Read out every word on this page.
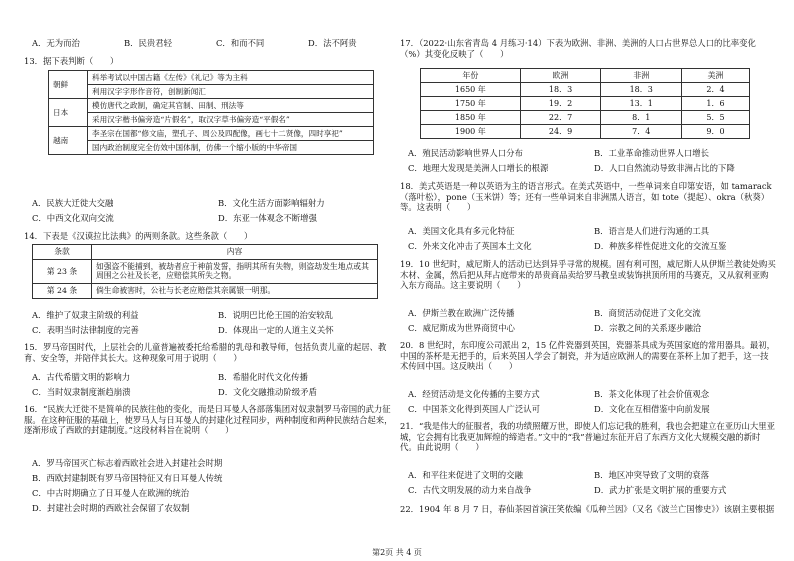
A．无为而治	B．民贵君轻	C．和而不同	D．法不阿贵
13．据下表判断（　　）
朝鲜	科举考试以中国古籍《左传》《礼记》等为主科
	利用汉字字形作音符，创制新闻汇
日本	模仿唐代之政制，确定其官制、田制、刑法等
	采用汉字楷书偏旁造“片假名”，取汉字草书偏旁造“平假名”
越南	李圣宗在国都“修文庙，塑孔子、周公及四配像，画七十二贤像，四时享祀”
	国内政治制度完全仿效中国体制，仿佛一个缩小版的中华帝国
A．民族大迁徙大交融	B．文化生活方面影响辐射力
C．中西文化双向交流	D．东亚一体观念不断增强
14．下表是《汉谟拉比法典》的两则条款。这些条款（　　）
条款	内容
第 23 条	如强盗不能捕到，被劫者应于神前发誓，指明其所有失物，则盗劫发生地点或其周围之公社及长老，应赔偿其所失之物。
第 24 条	倘生命被害时，公社与长老应赔偿其亲属银一明那。
A．维护了奴隶主阶级的利益	B．说明巴比伦王国的治安较乱
C．表明当时法律制度的完善	D．体现出一定的人道主义关怀
15．罗马帝国时代，上层社会的儿童普遍被委托给希腊的乳母和教导师，包括负责儿童的起居、教育、安全等，并陪伴其长大。这种现象可用于说明（　　）
A．古代希腊文明的影响力	B．希腊化时代文化传播
C．当时奴隶制度渐趋崩溃	D．文化交融推动阶级矛盾
16．“民族大迁徙不是简单的民族往他的变化，而是日耳曼人各部落集团对奴隶制罗马帝国的武力征服。在这种征服的基础上，使罗马人与日耳曼人的封建化过程同步，两种制度和两种民族结合起来，逐渐形成了西欧的封建制度。”这段材料旨在说明（　　）
A．罗马帝国灭亡标志着西欧社会进入封建社会时期
B．西欧封建制既有罗马帝国特征又有日耳曼人传统
C．中古时期确立了日耳曼人在欧洲的统治
D．封建社会时期的西欧社会保留了农奴制
17．（2022·山东省青岛 4 月练习·14）下表为欧洲、非洲、美洲的人口占世界总人口的比率变化（%）其变化反映了（　　）
年份	欧洲	非洲	美洲
1650 年	18．3	18．3	2．4
1750 年	19．2	13．1	1．6
1850 年	22．7	8．1	5．5
1900 年	24．9	7．4	9．0
A．殖民活动影响世界人口分布	B．工业革命推动世界人口增长
C．地理大发现是美洲人口增长的根源	D．人口自然流动导致非洲占比的下降
18．美式英语是一种以英语为主的语言形式。在美式英语中，一些单词来自印第安语，如 tamarack（落叶松），pone（玉米饼）等；还有一些单词来自非洲黑人语言，如 tote（提起）、okra（秋葵）等。这表明（　　）
A．美国文化具有多元化特征	B．语言是人们进行沟通的工具
C．外来文化冲击了英国本土文化	D．种族多样性促进文化的交流互鉴
19．10 世纪时，威尼斯人的活动已达到异乎寻常的规模。固有利可图，威尼斯人从伊斯兰教徒处购买木材、金属，然后把从拜占庭带来的昂贵商品卖给罗马教皇或装饰拱顶所用的马赛克，又从叙利亚购入东方商品。这主要说明（　　）
A．伊斯兰教在欧洲广泛传播	B．商贸活动促进了文化交流
C．威尼斯成为世界商贸中心	D．宗教之间的关系逐步融洽
20．8 世纪时，东印度公司派出 2，15 亿件瓷器到英国，瓷器茶具成为英国家庭的常用器具。最初，中国的茶杯是无把手的，后来英国人学会了制瓷，并为适应欧洲人的需要在茶杯上加了把手，这一技术传回中国。这反映出（　　）
A．经贸活动是文化传播的主要方式	B．茶文化体现了社会价值观念
C．中国茶文化得到英国人广泛认可	D．文化在互相借鉴中向前发展
21．“我是伟大的征服者，我的功绩照耀万世，即使人们忘记我的胜利，我也会把建立在亚历山大里亚城，它会拥有比我更加辉煌的缔造者。”文中的“我”普遍过东征开启了东西方文化大规模交融的新时代。由此说明（　　）
A．和平往来促进了文明的交融	B．地区冲突导致了文明的衰落
C．古代文明发展的动力来自战争	D．武力扩张是文明扩展的重要方式
22．1904 年 8 月 7 日，春仙茶园首演汪笑侬编《瓜种兰因》（又名《波兰亡国惨史》）该剧主要根据
第2页 共 4 页
